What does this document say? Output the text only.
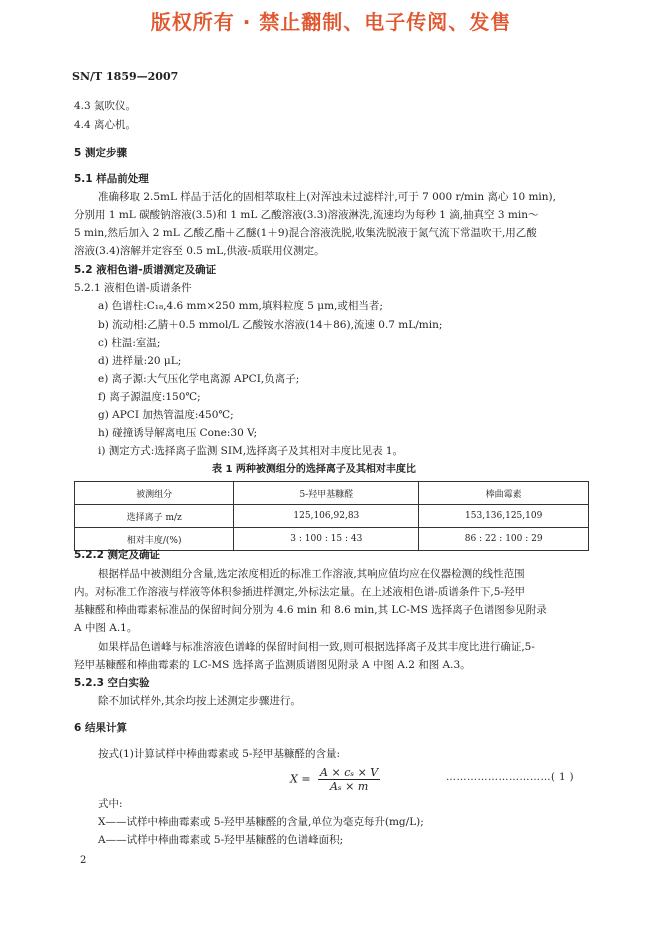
版权所有 · 禁止翻制、电子传阅、发售
SN/T 1859—2007
4.3 氮吹仪。
4.4 离心机。
5 测定步骤
5.1 样品前处理
准确移取 2.5mL 样品于活化的固相萃取柱上(对浑浊未过滤样汁,可于 7 000 r/min 离心 10 min),
分别用 1 mL 碳酸钠溶液(3.5)和 1 mL 乙酸溶液(3.3)溶液淋洗,流速均为每秒 1 滴,抽真空 3 min～
5 min,然后加入 2 mL 乙酸乙酯＋乙醚(1＋9)混合溶液洗脱,收集洗脱液于氮气流下常温吹干,用乙酸
溶液(3.4)溶解并定容至 0.5 mL,供液-质联用仪测定。
5.2 液相色谱-质谱测定及确证
5.2.1 液相色谱-质谱条件
a) 色谱柱:C₁₈,4.6 mm×250 mm,填料粒度 5 μm,或相当者;
b) 流动相:乙腈＋0.5 mmol/L 乙酸铵水溶液(14＋86),流速 0.7 mL/min;
c) 柱温:室温;
d) 进样量:20 μL;
e) 离子源:大气压化学电离源 APCI,负离子;
f) 离子源温度:150℃;
g) APCI 加热管温度:450℃;
h) 碰撞诱导解离电压 Cone:30 V;
i) 测定方式:选择离子监测 SIM,选择离子及其相对丰度比见表 1。
表 1 两种被测组分的选择离子及其相对丰度比
被测组分	5-羟甲基糠醛	棒曲霉素
选择离子 m/z	125,106,92,83	153,136,125,109
相对丰度/(%)	3 : 100 : 15 : 43	86 : 22 : 100 : 29
5.2.2 测定及确证
根据样品中被测组分含量,选定浓度相近的标准工作溶液,其响应值均应在仪器检测的线性范围
内。对标准工作溶液与样液等体积参插进样测定,外标法定量。在上述液相色谱-质谱条件下,5-羟甲
基糠醛和棒曲霉素标准品的保留时间分别为 4.6 min 和 8.6 min,其 LC-MS 选择离子色谱图参见附录
A 中图 A.1。
如果样品色谱峰与标准溶液色谱峰的保留时间相一致,则可根据选择离子及其丰度比进行确证,5-
羟甲基糠醛和棒曲霉素的 LC-MS 选择离子监测质谱图见附录 A 中图 A.2 和图 A.3。
5.2.3 空白实验
除不加试样外,其余均按上述测定步骤进行。
6 结果计算
按式(1)计算试样中棒曲霉素或 5-羟甲基糠醛的含量:
$X = \frac{\text{A × cₛ × V}}{\text{Aₛ × m}}$	…………………………( 1 )
式中:
X——试样中棒曲霉素或 5-羟甲基糠醛的含量,单位为毫克每升(mg/L);
A——试样中棒曲霉素或 5-羟甲基糠醛的色谱峰面积;
2
